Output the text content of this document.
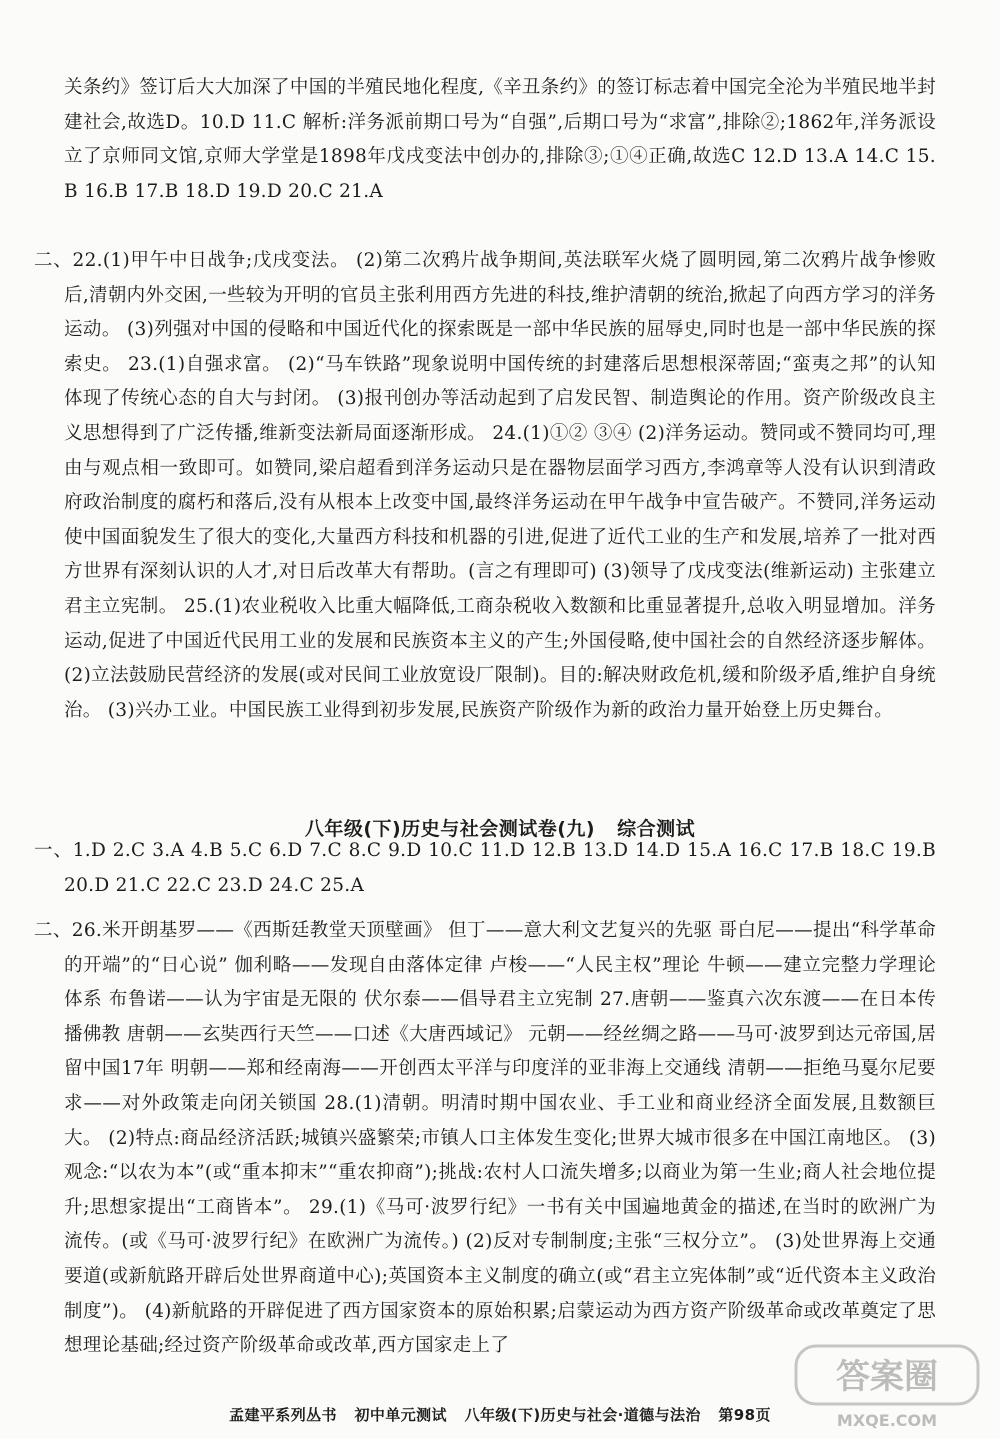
关条约》签订后大大加深了中国的半殖民地化程度,《辛丑条约》的签订标志着中国完全沦为半殖民地半封建社会,故选D。10.D 11.C 解析:洋务派前期口号为“自强”,后期口号为“求富”,排除②;1862年,洋务派设立了京师同文馆,京师大学堂是1898年戊戌变法中创办的,排除③;①④正确,故选C 12.D 13.A 14.C 15.B 16.B 17.B 18.D 19.D 20.C 21.A
二、22.(1)甲午中日战争;戊戌变法。 (2)第二次鸦片战争期间,英法联军火烧了圆明园,第二次鸦片战争惨败后,清朝内外交困,一些较为开明的官员主张利用西方先进的科技,维护清朝的统治,掀起了向西方学习的洋务运动。 (3)列强对中国的侵略和中国近代化的探索既是一部中华民族的屈辱史,同时也是一部中华民族的探索史。 23.(1)自强求富。 (2)“马车铁路”现象说明中国传统的封建落后思想根深蒂固;“蛮夷之邦”的认知体现了传统心态的自大与封闭。 (3)报刊创办等活动起到了启发民智、制造舆论的作用。资产阶级改良主义思想得到了广泛传播,维新变法新局面逐渐形成。 24.(1)①② ③④ (2)洋务运动。赞同或不赞同均可,理由与观点相一致即可。如赞同,梁启超看到洋务运动只是在器物层面学习西方,李鸿章等人没有认识到清政府政治制度的腐朽和落后,没有从根本上改变中国,最终洋务运动在甲午战争中宣告破产。不赞同,洋务运动使中国面貌发生了很大的变化,大量西方科技和机器的引进,促进了近代工业的生产和发展,培养了一批对西方世界有深刻认识的人才,对日后改革大有帮助。(言之有理即可) (3)领导了戊戌变法(维新运动) 主张建立君主立宪制。 25.(1)农业税收入比重大幅降低,工商杂税收入数额和比重显著提升,总收入明显增加。洋务运动,促进了中国近代民用工业的发展和民族资本主义的产生;外国侵略,使中国社会的自然经济逐步解体。 (2)立法鼓励民营经济的发展(或对民间工业放宽设厂限制)。目的:解决财政危机,缓和阶级矛盾,维护自身统治。 (3)兴办工业。中国民族工业得到初步发展,民族资产阶级作为新的政治力量开始登上历史舞台。
八年级(下)历史与社会测试卷(九) 综合测试
一、1.D 2.C 3.A 4.B 5.C 6.D 7.C 8.C 9.D 10.C 11.D 12.B 13.D 14.D 15.A 16.C 17.B 18.C 19.B 20.D 21.C 22.C 23.D 24.C 25.A
二、26.米开朗基罗——《西斯廷教堂天顶壁画》 但丁——意大利文艺复兴的先驱 哥白尼——提出“科学革命的开端”的“日心说” 伽利略——发现自由落体定律 卢梭——“人民主权”理论 牛顿——建立完整力学理论体系 布鲁诺——认为宇宙是无限的 伏尔泰——倡导君主立宪制 27.唐朝——鉴真六次东渡——在日本传播佛教 唐朝——玄奘西行天竺——口述《大唐西域记》 元朝——经丝绸之路——马可·波罗到达元帝国,居留中国17年 明朝——郑和经南海——开创西太平洋与印度洋的亚非海上交通线 清朝——拒绝马戛尔尼要求——对外政策走向闭关锁国 28.(1)清朝。明清时期中国农业、手工业和商业经济全面发展,且数额巨大。 (2)特点:商品经济活跃;城镇兴盛繁荣;市镇人口主体发生变化;世界大城市很多在中国江南地区。 (3)观念:“以农为本”(或“重本抑末”“重农抑商”);挑战:农村人口流失增多;以商业为第一生业;商人社会地位提升;思想家提出“工商皆本”。 29.(1)《马可·波罗行纪》一书有关中国遍地黄金的描述,在当时的欧洲广为流传。(或《马可·波罗行纪》在欧洲广为流传。) (2)反对专制制度;主张“三权分立”。 (3)处世界海上交通要道(或新航路开辟后处世界商道中心);英国资本主义制度的确立(或“君主立宪体制”或“近代资本主义政治制度”)。 (4)新航路的开辟促进了西方国家资本的原始积累;启蒙运动为西方资产阶级革命或改革奠定了思想理论基础;经过资产阶级革命或改革,西方国家走上了
孟建平系列丛书 初中单元测试 八年级(下)历史与社会·道德与法治 第98页
答案圈
MXQE.COM
